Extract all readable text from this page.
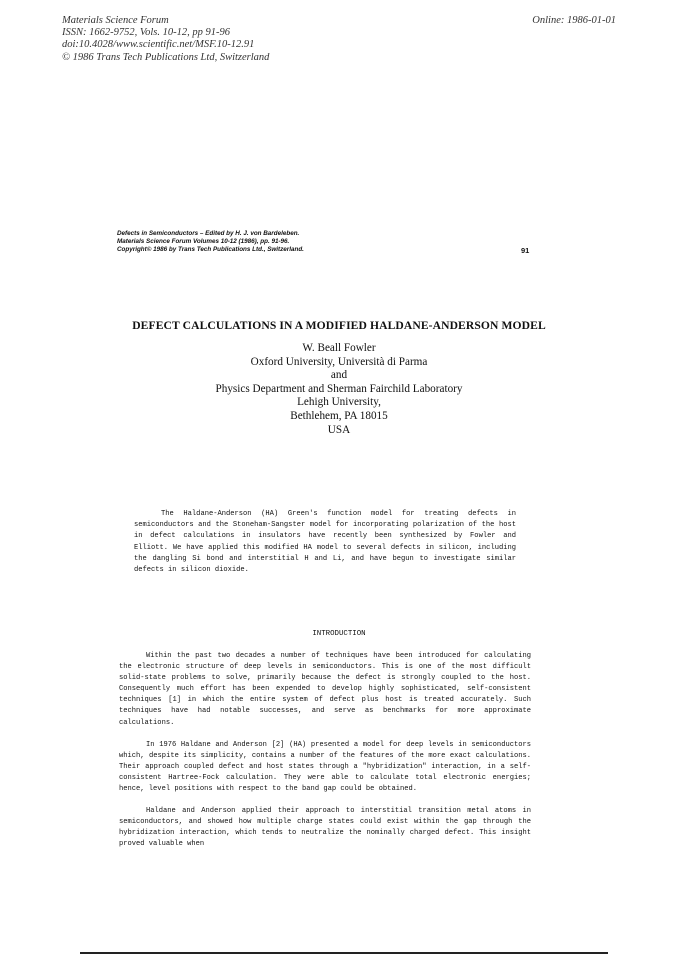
Materials Science Forum
ISSN: 1662-9752, Vols. 10-12, pp 91-96
doi:10.4028/www.scientific.net/MSF.10-12.91
© 1986 Trans Tech Publications Ltd, Switzerland
Online: 1986-01-01
Defects in Semiconductors – Edited by H. J. von Bardeleben.
Materials Science Forum Volumes 10-12 (1986), pp. 91-96.
Copyright© 1986 by Trans Tech Publications Ltd., Switzerland.	91
DEFECT CALCULATIONS IN A MODIFIED HALDANE-ANDERSON MODEL
W. Beall Fowler
Oxford University, Università di Parma
and
Physics Department and Sherman Fairchild Laboratory
Lehigh University,
Bethlehem, PA 18015
USA

The Haldane-Anderson (HA) Green's function model for treating defects in semiconductors and the Stoneham-Sangster model for incorporating polarization of the host in defect calculations in insulators have recently been synthesized by Fowler and Elliott. We have applied this modified HA model to several defects in silicon, including the dangling Si bond and interstitial H and Li, and have begun to investigate similar defects in silicon dioxide.

INTRODUCTION

Within the past two decades a number of techniques have been introduced for calculating the electronic structure of deep levels in semiconductors. This is one of the most difficult solid-state problems to solve, primarily because the defect is strongly coupled to the host. Consequently much effort has been expended to develop highly sophisticated, self-consistent techniques [1] in which the entire system of defect plus host is treated accurately. Such techniques have had notable successes, and serve as benchmarks for more approximate calculations.

In 1976 Haldane and Anderson [2] (HA) presented a model for deep levels in semiconductors which, despite its simplicity, contains a number of the features of the more exact calculations. Their approach coupled defect and host states through a "hybridization" interaction, in a self-consistent Hartree-Fock calculation. They were able to calculate total electronic energies; hence, level positions with respect to the band gap could be obtained.

Haldane and Anderson applied their approach to interstitial transition metal atoms in semiconductors, and showed how multiple charge states could exist within the gap through the hybridization interaction, which tends to neutralize the nominally charged defect. This insight proved valuable when
